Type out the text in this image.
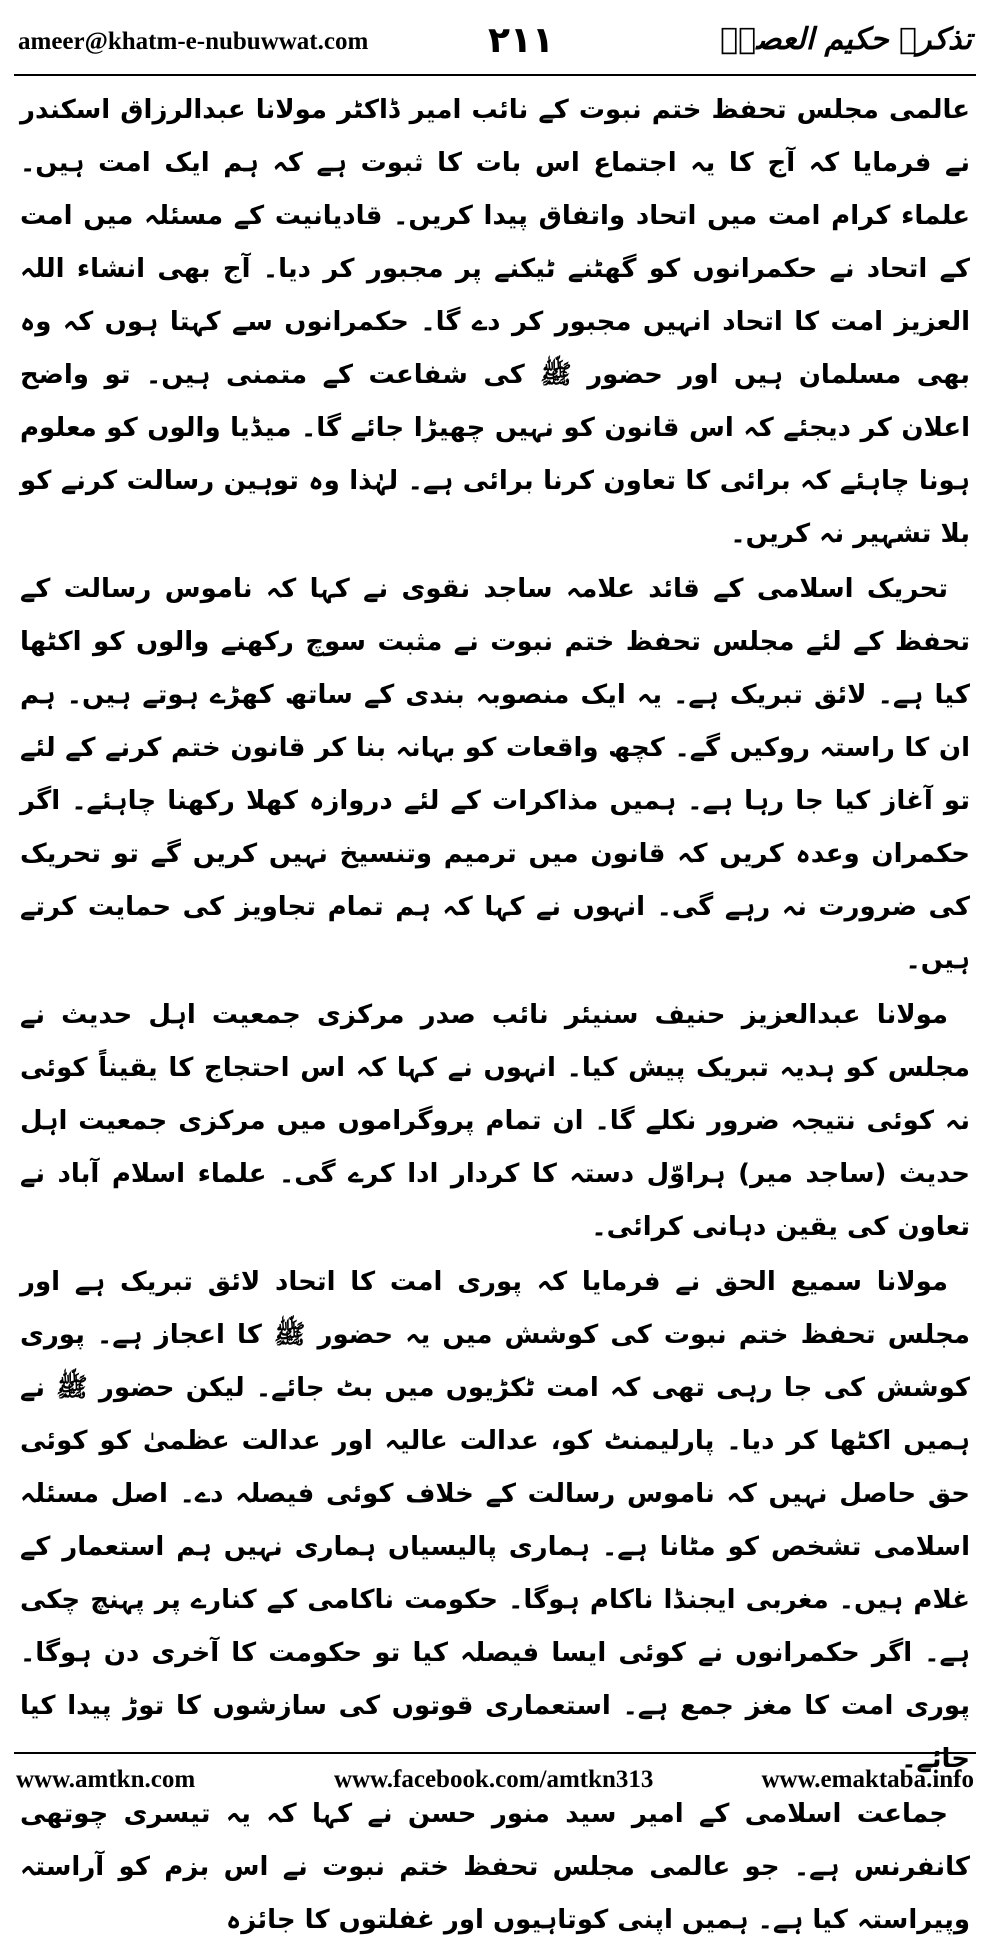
ameer@khatm-e-nubuwwat.com	۲۱۱	تذکرہ حکیم العصرؒ

عالمی مجلس تحفظ ختم نبوت کے نائب امیر ڈاکٹر مولانا عبدالرزاق اسکندر نے فرمایا کہ آج کا یہ اجتماع اس بات کا ثبوت ہے کہ ہم ایک امت ہیں۔ علماء کرام امت میں اتحاد واتفاق پیدا کریں۔ قادیانیت کے مسئلہ میں امت کے اتحاد نے حکمرانوں کو گھٹنے ٹیکنے پر مجبور کر دیا۔ آج بھی انشاء اللہ العزیز امت کا اتحاد انہیں مجبور کر دے گا۔ حکمرانوں سے کہتا ہوں کہ وہ بھی مسلمان ہیں اور حضور ﷺ کی شفاعت کے متمنی ہیں۔ تو واضح اعلان کر دیجئے کہ اس قانون کو نہیں چھیڑا جائے گا۔ میڈیا والوں کو معلوم ہونا چاہئے کہ برائی کا تعاون کرنا برائی ہے۔ لہٰذا وہ توہین رسالت کرنے کو بلا تشہیر نہ کریں۔

تحریک اسلامی کے قائد علامہ ساجد نقوی نے کہا کہ ناموس رسالت کے تحفظ کے لئے مجلس تحفظ ختم نبوت نے مثبت سوچ رکھنے والوں کو اکٹھا کیا ہے۔ لائق تبریک ہے۔ یہ ایک منصوبہ بندی کے ساتھ کھڑے ہوتے ہیں۔ ہم ان کا راستہ روکیں گے۔ کچھ واقعات کو بہانہ بنا کر قانون ختم کرنے کے لئے تو آغاز کیا جا رہا ہے۔ ہمیں مذاکرات کے لئے دروازہ کھلا رکھنا چاہئے۔ اگر حکمران وعدہ کریں کہ قانون میں ترمیم وتنسیخ نہیں کریں گے تو تحریک کی ضرورت نہ رہے گی۔ انہوں نے کہا کہ ہم تمام تجاویز کی حمایت کرتے ہیں۔

مولانا عبدالعزیز حنیف سنیئر نائب صدر مرکزی جمعیت اہل حدیث نے مجلس کو ہدیہ تبریک پیش کیا۔ انہوں نے کہا کہ اس احتجاج کا یقیناً کوئی نہ کوئی نتیجہ ضرور نکلے گا۔ ان تمام پروگراموں میں مرکزی جمعیت اہل حدیث (ساجد میر) ہراوّل دستہ کا کردار ادا کرے گی۔ علماء اسلام آباد نے تعاون کی یقین دہانی کرائی۔

مولانا سمیع الحق نے فرمایا کہ پوری امت کا اتحاد لائق تبریک ہے اور مجلس تحفظ ختم نبوت کی کوشش میں یہ حضور ﷺ کا اعجاز ہے۔ پوری کوشش کی جا رہی تھی کہ امت ٹکڑیوں میں بٹ جائے۔ لیکن حضور ﷺ نے ہمیں اکٹھا کر دیا۔ پارلیمنٹ کو، عدالت عالیہ اور عدالت عظمیٰ کو کوئی حق حاصل نہیں کہ ناموس رسالت کے خلاف کوئی فیصلہ دے۔ اصل مسئلہ اسلامی تشخص کو مٹانا ہے۔ ہماری پالیسیاں ہماری نہیں ہم استعمار کے غلام ہیں۔ مغربی ایجنڈا ناکام ہوگا۔ حکومت ناکامی کے کنارے پر پہنچ چکی ہے۔ اگر حکمرانوں نے کوئی ایسا فیصلہ کیا تو حکومت کا آخری دن ہوگا۔ پوری امت کا مغز جمع ہے۔ استعماری قوتوں کی سازشوں کا توڑ پیدا کیا جائے۔

جماعت اسلامی کے امیر سید منور حسن نے کہا کہ یہ تیسری چوتھی کانفرنس ہے۔ جو عالمی مجلس تحفظ ختم نبوت نے اس بزم کو آراستہ وپیراستہ کیا ہے۔ ہمیں اپنی کوتاہیوں اور غفلتوں کا جائزہ

www.amtkn.com	www.facebook.com/amtkn313	www.emaktaba.info
